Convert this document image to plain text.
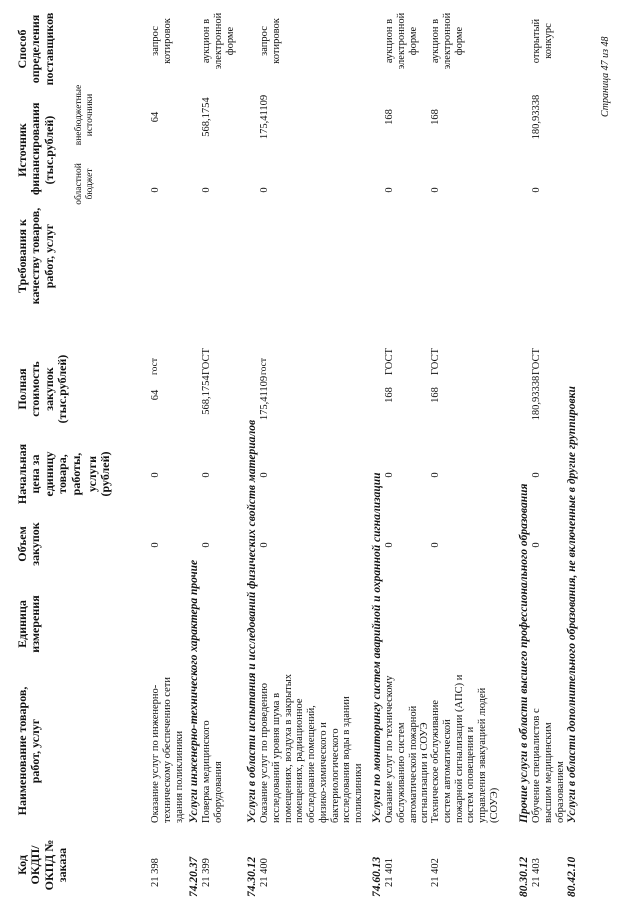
Код ОКДП/ ОКПД № заказа
Наименование товаров, работ, услуг
Единица измерения
Объем закупок
Начальная цена за единицу товара, работы, услуги (рублей)
Полная стоимость закупок (тыс.рублей)
Требования к качеству товаров, работ, услуг
Источник финансирования (тыс.рублей) областной бюджет
внебюджетные источники
Способ определения поставщиков
21 398
Оказание услуг по инженерно-техническому обеспечению сети здания поликлиники
0
0
64
гост
0
64
запрос котировок
74.20.37
Услуги инженерно-технического характера прочие
21 399
Поверка медицинского оборудования
0
0
568,1754
ГОСТ
0
568,1754
аукцион в электронной форме
74.30.12
Услуги в области испытания и исследований физических свойств материалов
21 400
Оказание услуг по проведению исследований уровня шума в помещениях, воздуха в закрытых помещениях, радиационное обследование помещений, физико-химического и бактериологического исследования воды в здании поликлиники
0
0
175,41109
гост
0
175,41109
запрос котировок
74.60.13
Услуги по мониторингу систем аварийной и охранной сигнализации
21 401
Оказание услуг по техническому обслуживанию систем автоматической пожарной сигнализации и СОУЭ
0
0
168
ГОСТ
0
168
аукцион в электронной форме
21 402
Техническое обслуживание систем автоматической пожарной сигнализации (АПС) и систем оповещения и управления эвакуацией людей (СОУЭ)
0
0
168
ГОСТ
0
168
аукцион в электронной форме
80.30.12
Прочие услуги в области высшего профессионального образования
21 403
Обучение специалистов с высшим медицинским образованием
0
0
180,93338
ГОСТ
0
180,93338
открытый конкурс
80.42.10
Услуги в области дополнительного образования, не включенные в другие группировки
Страница 47 из 48
